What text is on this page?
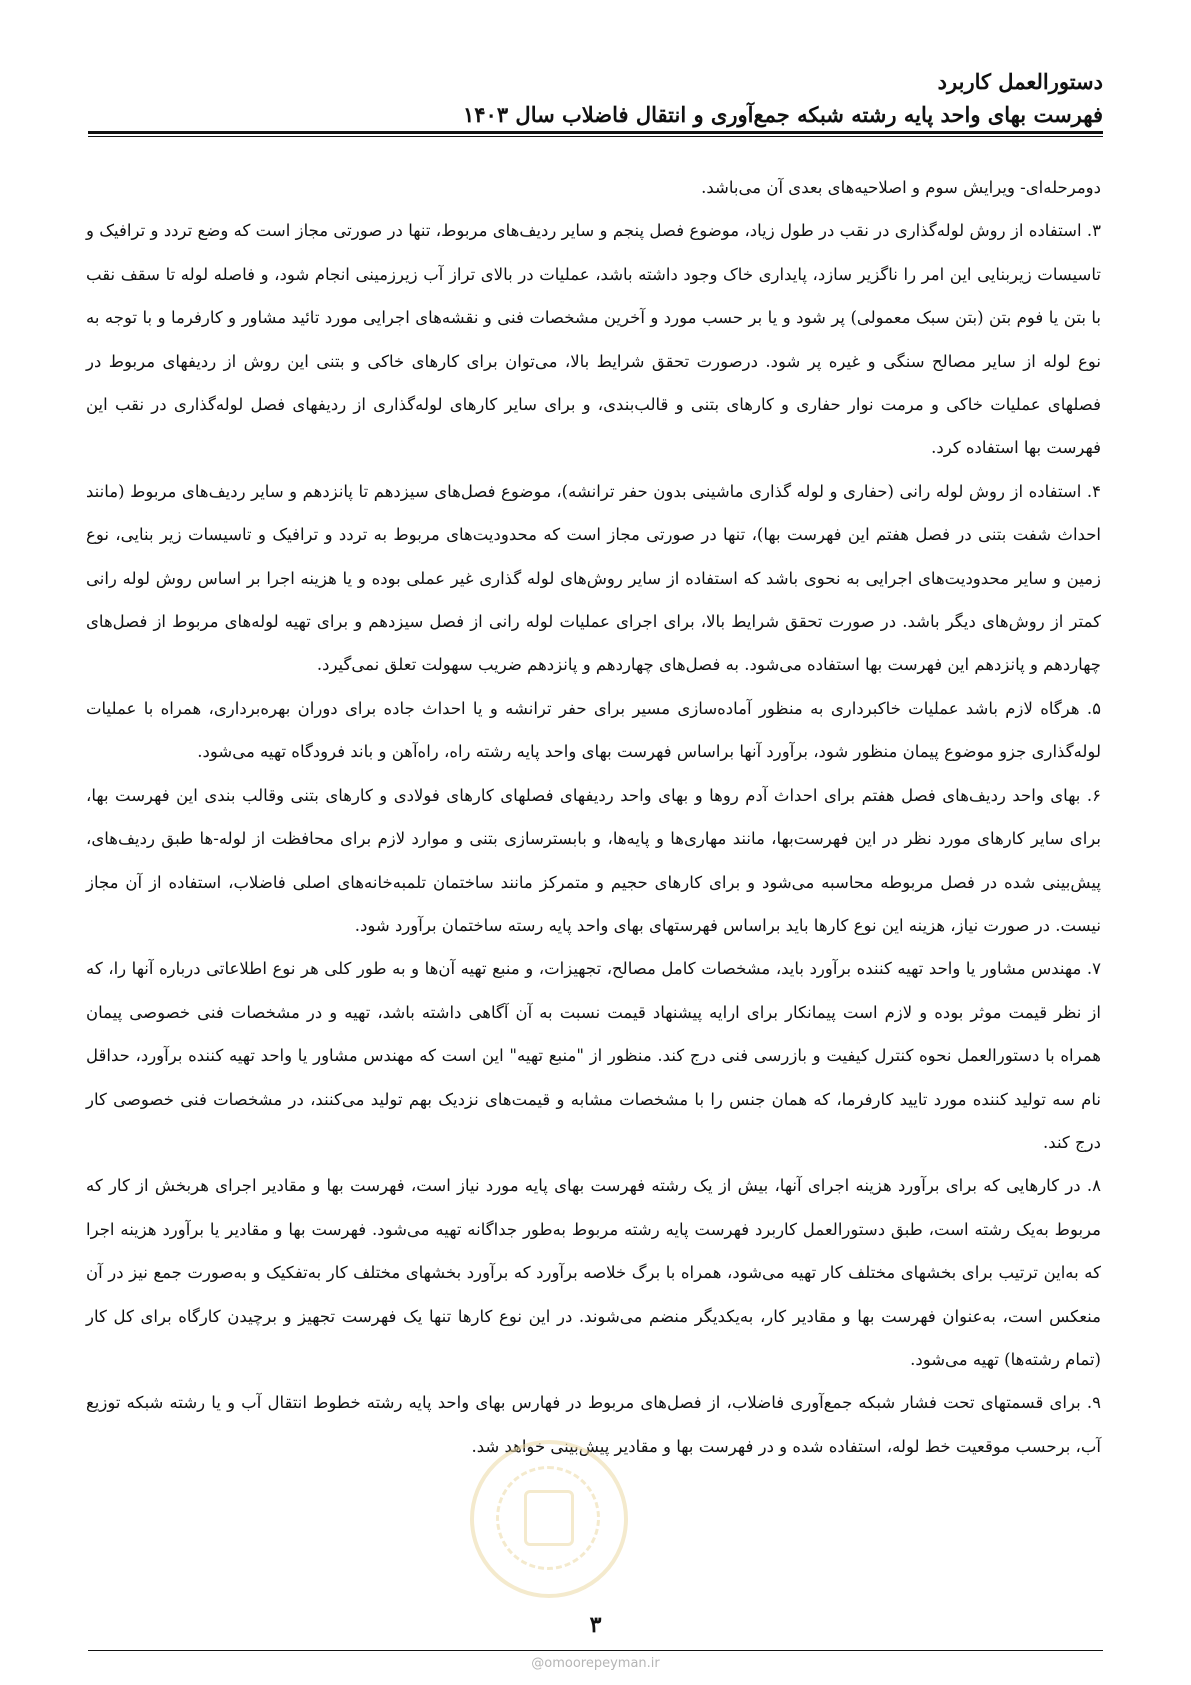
دستورالعمل کاربرد
فهرست بهای واحد پایه رشته شبکه جمع‌آوری و انتقال فاضلاب سال ۱۴۰۳

دومرحله‌ای- ویرایش سوم و اصلاحیه‌های بعدی آن می‌باشد.

۳. استفاده از روش لوله‌گذاری در نقب در طول زیاد، موضوع فصل پنجم و سایر ردیف‌های مربوط، تنها در صورتی مجاز است که وضع تردد و ترافیک و تاسیسات زیربنایی این امر را ناگزیر سازد، پایداری خاک وجود داشته باشد، عملیات در بالای تراز آب زیرزمینی انجام شود، و فاصله لوله تا سقف نقب با بتن یا فوم بتن (بتن سبک معمولی) پر شود و یا بر حسب مورد و آخرین مشخصات فنی و نقشه‌های اجرایی مورد تائید مشاور و کارفرما و با توجه به نوع لوله از سایر مصالح سنگی و غیره پر شود. درصورت تحقق شرایط بالا، می‌توان برای کارهای خاکی و بتنی این روش از ردیفهای مربوط در فصلهای عملیات خاکی و مرمت نوار حفاری و کارهای بتنی و قالب‌بندی، و برای سایر کارهای لوله‌گذاری از ردیفهای فصل لوله‌گذاری در نقب این فهرست بها استفاده کرد.

۴. استفاده از روش لوله رانی (حفاری و لوله گذاری ماشینی بدون حفر ترانشه)، موضوع فصل‌های سیزدهم تا پانزدهم و سایر ردیف‌های مربوط (مانند احداث شفت بتنی در فصل هفتم این فهرست بها)، تنها در صورتی مجاز است که محدودیت‌های مربوط به تردد و ترافیک و تاسیسات زیر بنایی، نوع زمین و سایر محدودیت‌های اجرایی به نحوی باشد که استفاده از سایر روش‌های لوله گذاری غیر عملی بوده و یا هزینه اجرا بر اساس روش لوله رانی کمتر از روش‌های دیگر باشد. در صورت تحقق شرایط بالا، برای اجرای عملیات لوله رانی از فصل سیزدهم و برای تهیه لوله‌های مربوط از فصل‌های چهاردهم و پانزدهم این فهرست بها استفاده می‌شود. به فصل‌های چهاردهم و پانزدهم ضریب سهولت تعلق نمی‌گیرد.

۵. هرگاه لازم باشد عملیات خاکبرداری به منظور آماده‌سازی مسیر برای حفر ترانشه و یا احداث جاده برای دوران بهره‌برداری، همراه با عملیات لوله‌گذاری جزو موضوع پیمان منظور شود، برآورد آنها براساس فهرست بهای واحد پایه رشته راه، راه‌آهن و باند فرودگاه تهیه می‌شود.

۶. بهای واحد ردیف‌های فصل هفتم برای احداث آدم روها و بهای واحد ردیفهای فصلهای کارهای فولادی و کارهای بتنی وقالب بندی این فهرست بها، برای سایر کارهای مورد نظر در این فهرست‌بها، مانند مهاری‌ها و پایه‌ها، و بابسترسازی بتنی و موارد لازم برای محافظت از لوله-ها طبق ردیف‌های، پیش‌بینی شده در فصل مربوطه محاسبه می‌شود و برای کارهای حجیم و متمرکز مانند ساختمان تلمبه‌خانه‌های اصلی فاضلاب، استفاده از آن مجاز نیست. در صورت نیاز، هزینه این نوع کارها باید براساس فهرستهای بهای واحد پایه رسته ساختمان برآورد شود.

۷. مهندس مشاور یا واحد تهیه کننده برآورد باید، مشخصات کامل مصالح، تجهیزات، و منبع تهیه آن‌ها و به طور کلی هر نوع اطلاعاتی درباره آنها را، که از نظر قیمت موثر بوده و لازم است پیمانکار برای ارایه پیشنهاد قیمت نسبت به آن آگاهی داشته باشد، تهیه و در مشخصات فنی خصوصی پیمان همراه با دستورالعمل نحوه کنترل کیفیت و بازرسی فنی درج کند. منظور از "منبع تهیه" این است که مهندس مشاور یا واحد تهیه کننده برآورد، حداقل نام سه تولید کننده مورد تایید کارفرما، که همان جنس را با مشخصات مشابه و قیمت‌های نزدیک بهم تولید می‌کنند، در مشخصات فنی خصوصی کار درج کند.

۸. در کارهایی که برای برآورد هزینه اجرای آنها، بیش از یک رشته فهرست بهای پایه مورد نیاز است، فهرست بها و مقادیر اجرای هربخش از کار که مربوط به‌یک رشته است، طبق دستورالعمل کاربرد فهرست پایه رشته مربوط به‌طور جداگانه تهیه می‌شود. فهرست بها و مقادیر یا برآورد هزینه اجرا که به‌این ترتیب برای بخشهای مختلف کار تهیه می‌شود، همراه با برگ خلاصه برآورد که برآورد بخشهای مختلف کار به‌تفکیک و به‌صورت جمع نیز در آن منعکس است، به‌عنوان فهرست بها و مقادیر کار، به‌یکدیگر منضم می‌شوند. در این نوع کارها تنها یک فهرست تجهیز و برچیدن کارگاه برای کل کار (تمام رشته‌ها) تهیه می‌شود.

۹. برای قسمتهای تحت فشار شبکه جمع‌آوری فاضلاب، از فصل‌های مربوط در فهارس بهای واحد پایه رشته خطوط انتقال آب و یا رشته شبکه توزیع آب، برحسب موقعیت خط لوله، استفاده شده و در فهرست بها و مقادیر پیش‌بینی خواهد شد.

۳
@omoorepeyman.ir
